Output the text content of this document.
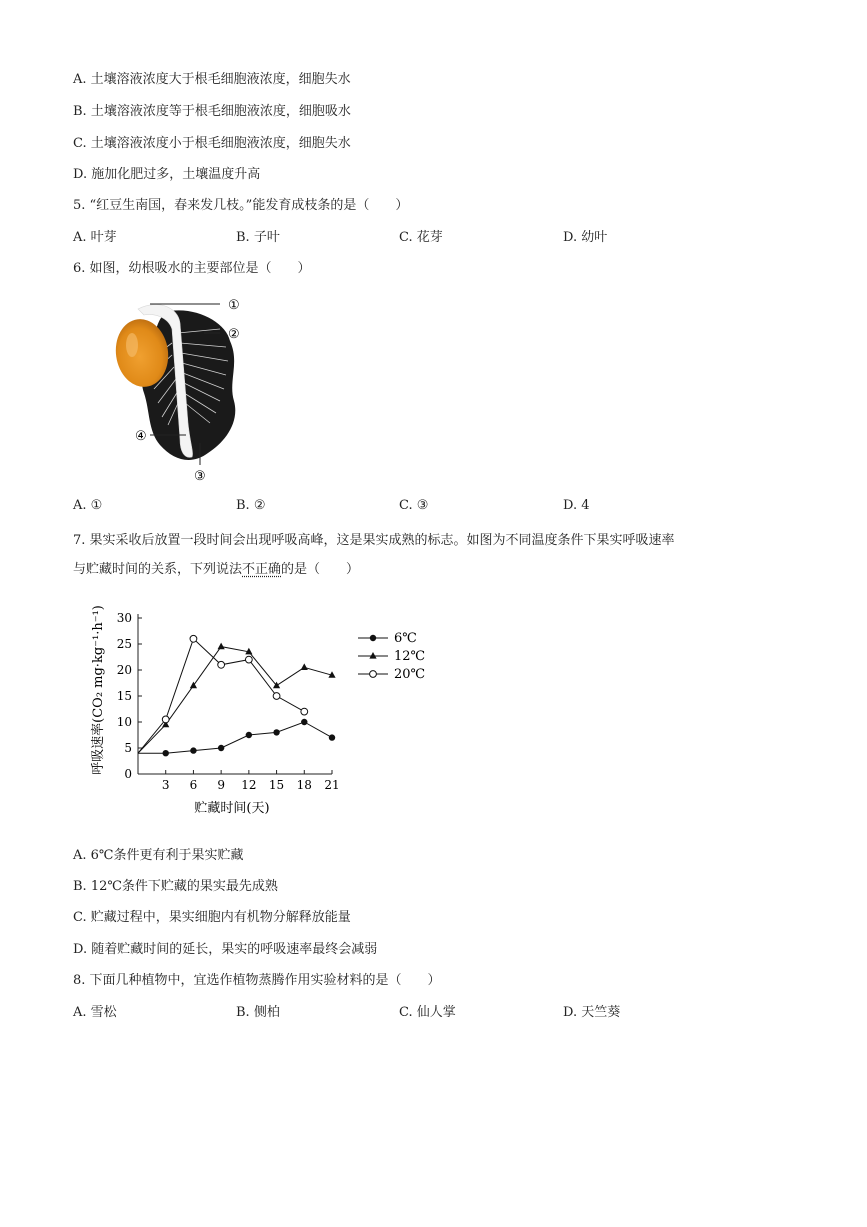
A. 土壤溶液浓度大于根毛细胞液浓度，细胞失水
B. 土壤溶液浓度等于根毛细胞液浓度，细胞吸水
C. 土壤溶液浓度小于根毛细胞液浓度，细胞失水
D. 施加化肥过多，土壤温度升高
5. “红豆生南国，春来发几枝。”能发育成枝条的是（　　）
A. 叶芽	B. 子叶	C. 花芽	D. 幼叶
6. 如图，幼根吸水的主要部位是（　　）
①
②
④
③
A. ①	B. ②	C. ③	D. 4
7. 果实采收后放置一段时间会出现呼吸高峰，这是果实成熟的标志。如图为不同温度条件下果实呼吸速率
与贮藏时间的关系，下列说法不正确的是（　　）
3 6 9 12 15 18 21
0
5
10
15
20
25
30
6℃
12℃
20℃
呼吸速率(CO₂ mg·kg⁻¹·h⁻¹)
贮藏时间(天)
A. 6℃条件更有利于果实贮藏
B. 12℃条件下贮藏的果实最先成熟
C. 贮藏过程中，果实细胞内有机物分解释放能量
D. 随着贮藏时间的延长，果实的呼吸速率最终会减弱
8. 下面几种植物中，宜选作植物蒸腾作用实验材料的是（　　）
A. 雪松	B. 侧柏	C. 仙人掌	D. 天竺葵
